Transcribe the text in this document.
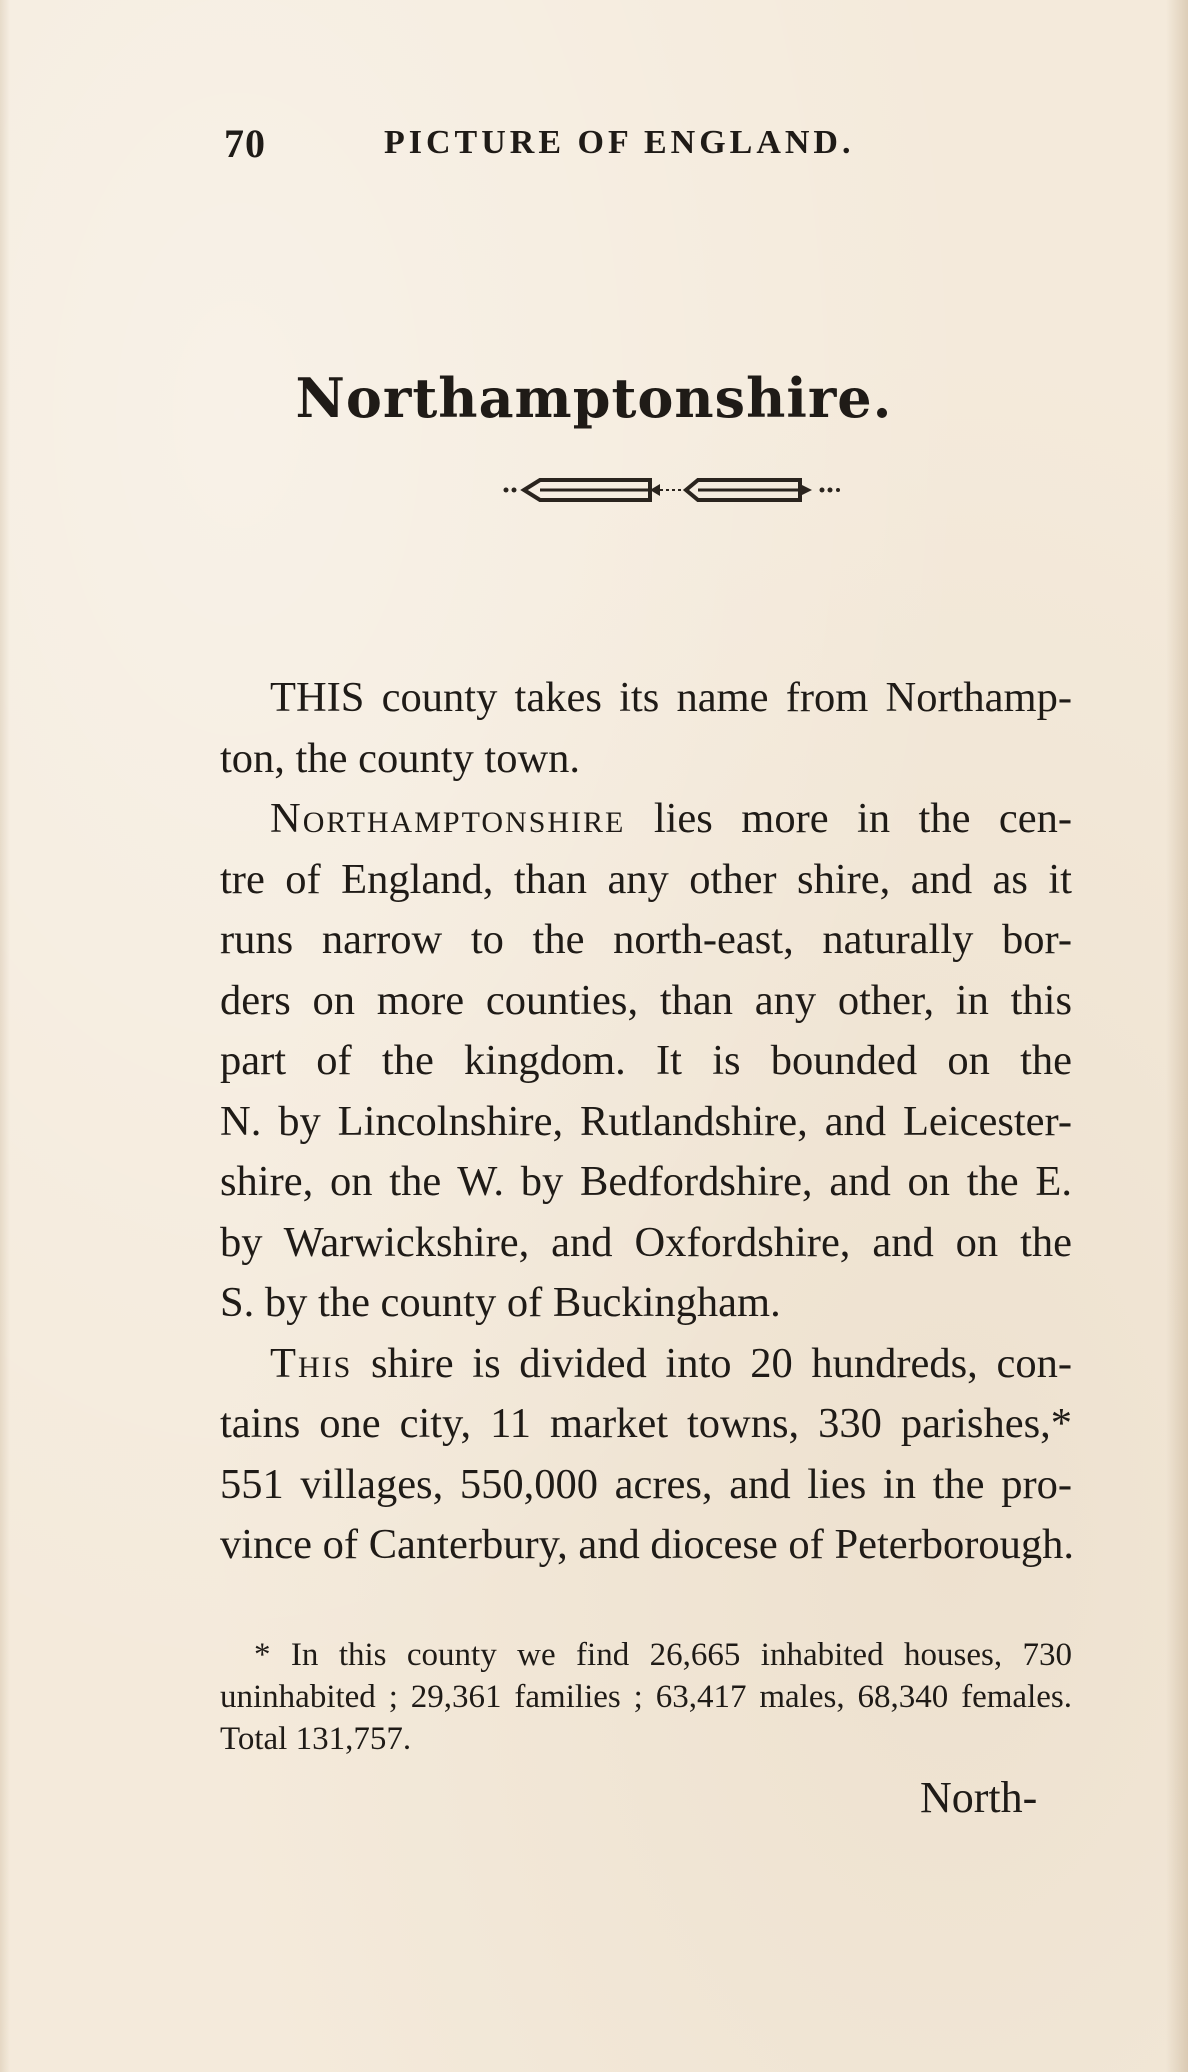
70	PICTURE OF ENGLAND.
Northamptonshire.

THIS county takes its name from Northamp-
ton, the county town.

Northamptonshire lies more in the cen-
tre of England, than any other shire, and as it
runs narrow to the north-east, naturally bor-
ders on more counties, than any other, in this
part of the kingdom. It is bounded on the
N. by Lincolnshire, Rutlandshire, and Leicester-
shire, on the W. by Bedfordshire, and on the E.
by Warwickshire, and Oxfordshire, and on the
S. by the county of Buckingham.

This shire is divided into 20 hundreds, con-
tains one city, 11 market towns, 330 parishes,*
551 villages, 550,000 acres, and lies in the pro-
vince of Canterbury, and diocese of Peterborough.

* In this county we find 26,665 inhabited houses, 730
uninhabited ; 29,361 families ; 63,417 males, 68,340 females.
Total 131,757.
North-
